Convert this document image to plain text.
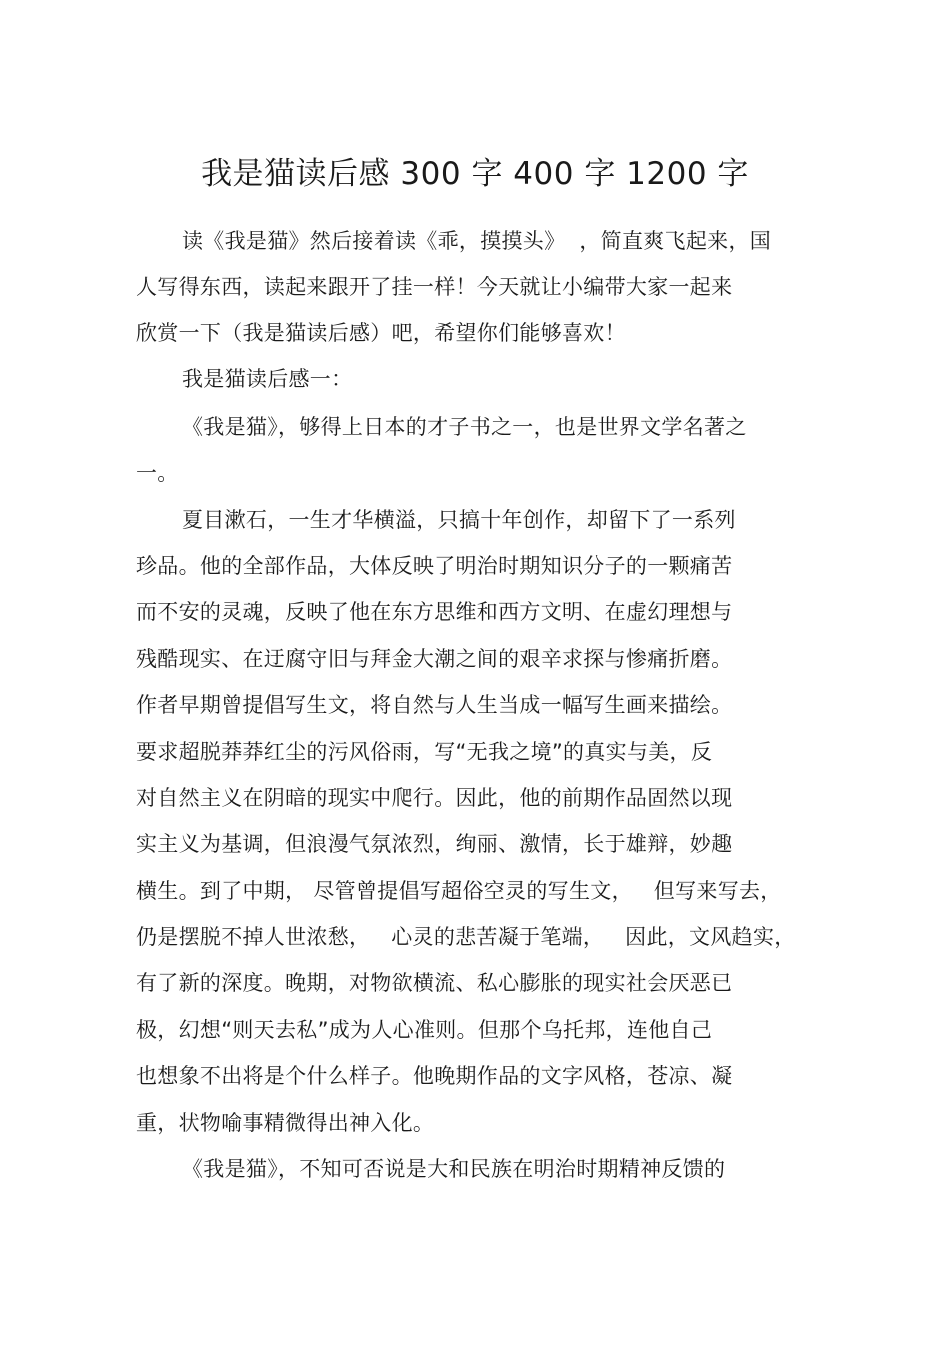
我是猫读后感 300 字 400 字 1200 字
读《我是猫》然后接着读《乖，摸摸头》  ，简直爽飞起来，国
人写得东西，读起来跟开了挂一样！今天就让小编带大家一起来
欣赏一下（我是猫读后感）吧，希望你们能够喜欢！
我是猫读后感一：
《我是猫》，够得上日本的才子书之一，也是世界文学名著之
一。
夏目漱石，一生才华横溢，只搞十年创作，却留下了一系列
珍品。他的全部作品，大体反映了明治时期知识分子的一颗痛苦
而不安的灵魂，反映了他在东方思维和西方文明、在虚幻理想与
残酷现实、在迂腐守旧与拜金大潮之间的艰辛求探与惨痛折磨。
作者早期曾提倡写生文，将自然与人生当成一幅写生画来描绘。
要求超脱莽莽红尘的污风俗雨，写“无我之境”的真实与美，反
对自然主义在阴暗的现实中爬行。因此，他的前期作品固然以现
实主义为基调，但浪漫气氛浓烈，绚丽、激情，长于雄辩，妙趣
横生。到了中期， 尽管曾提倡写超俗空灵的写生文，   但写来写去，
仍是摆脱不掉人世浓愁，   心灵的悲苦凝于笔端，   因此，文风趋实，
有了新的深度。晚期，对物欲横流、私心膨胀的现实社会厌恶已
极，幻想“则天去私”成为人心准则。但那个乌托邦，连他自己
也想象不出将是个什么样子。他晚期作品的文字风格，苍凉、凝
重，状物喻事精微得出神入化。
《我是猫》，不知可否说是大和民族在明治时期精神反馈的
